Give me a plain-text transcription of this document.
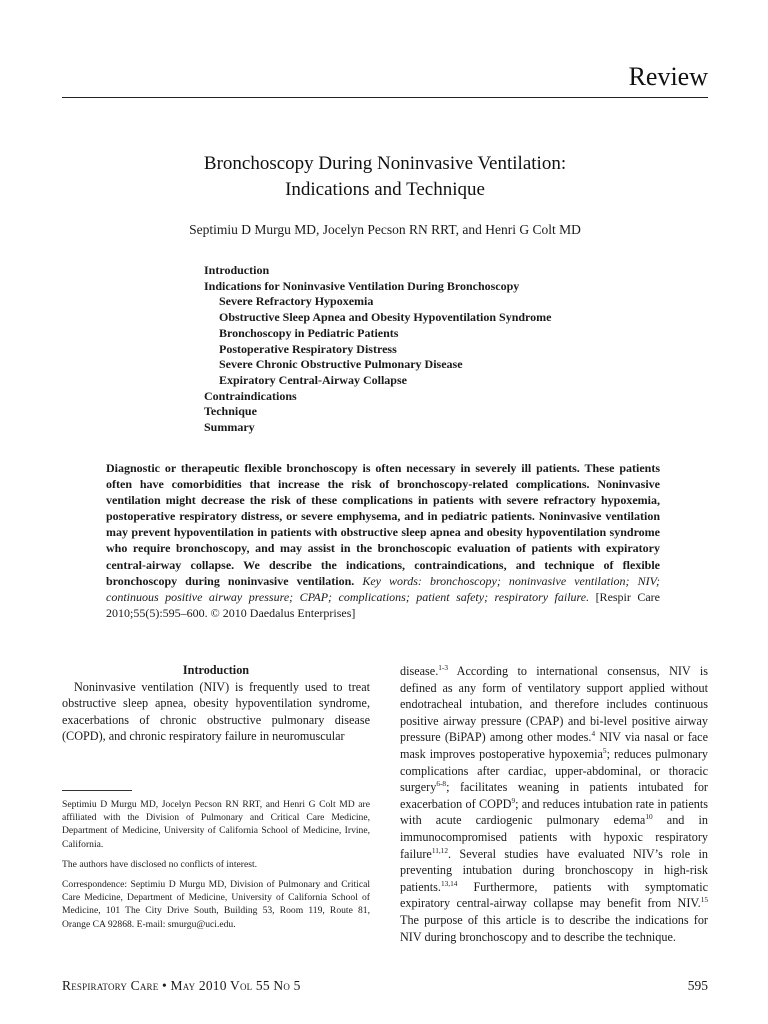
Review
Bronchoscopy During Noninvasive Ventilation:
Indications and Technique
Septimiu D Murgu MD, Jocelyn Pecson RN RRT, and Henri G Colt MD
Introduction
Indications for Noninvasive Ventilation During Bronchoscopy
Severe Refractory Hypoxemia
Obstructive Sleep Apnea and Obesity Hypoventilation Syndrome
Bronchoscopy in Pediatric Patients
Postoperative Respiratory Distress
Severe Chronic Obstructive Pulmonary Disease
Expiratory Central-Airway Collapse
Contraindications
Technique
Summary
Diagnostic or therapeutic flexible bronchoscopy is often necessary in severely ill patients. These patients often have comorbidities that increase the risk of bronchoscopy-related complications. Noninvasive ventilation might decrease the risk of these complications in patients with severe refractory hypoxemia, postoperative respiratory distress, or severe emphysema, and in pediatric patients. Noninvasive ventilation may prevent hypoventilation in patients with obstructive sleep apnea and obesity hypoventilation syndrome who require bronchoscopy, and may assist in the bronchoscopic evaluation of patients with expiratory central-airway collapse. We describe the indications, contraindications, and technique of flexible bronchoscopy during noninvasive ventilation. Key words: bronchoscopy; noninvasive ventilation; NIV; continuous positive airway pressure; CPAP; complications; patient safety; respiratory failure. [Respir Care 2010;55(5):595–600. © 2010 Daedalus Enterprises]

Introduction

Noninvasive ventilation (NIV) is frequently used to treat obstructive sleep apnea, obesity hypoventilation syndrome, exacerbations of chronic obstructive pulmonary disease (COPD), and chronic respiratory failure in neuromuscular

Septimiu D Murgu MD, Jocelyn Pecson RN RRT, and Henri G Colt MD are affiliated with the Division of Pulmonary and Critical Care Medicine, Department of Medicine, University of California School of Medicine, Irvine, California.

The authors have disclosed no conflicts of interest.

Correspondence: Septimiu D Murgu MD, Division of Pulmonary and Critical Care Medicine, Department of Medicine, University of California School of Medicine, 101 The City Drive South, Building 53, Room 119, Route 81, Orange CA 92868. E-mail: smurgu@uci.edu.

disease.$^{1-3}$ According to international consensus, NIV is defined as any form of ventilatory support applied without endotracheal intubation, and therefore includes continuous positive airway pressure (CPAP) and bi-level positive airway pressure (BiPAP) among other modes.$^4$ NIV via nasal or face mask improves postoperative hypoxemia$^5$; reduces pulmonary complications after cardiac, upper-abdominal, or thoracic surgery$^{6-8}$; facilitates weaning in patients intubated for exacerbation of COPD$^9$; and reduces intubation rate in patients with acute cardiogenic pulmonary edema$^{10}$ and in immunocompromised patients with hypoxic respiratory failure$^{11,12}$. Several studies have evaluated NIV’s role in preventing intubation during bronchoscopy in high-risk patients.$^{13,14}$ Furthermore, patients with symptomatic expiratory central-airway collapse may benefit from NIV.$^{15}$ The purpose of this article is to describe the indications for NIV during bronchoscopy and to describe the technique.

Respiratory Care • May 2010 Vol 55 No 5	595
